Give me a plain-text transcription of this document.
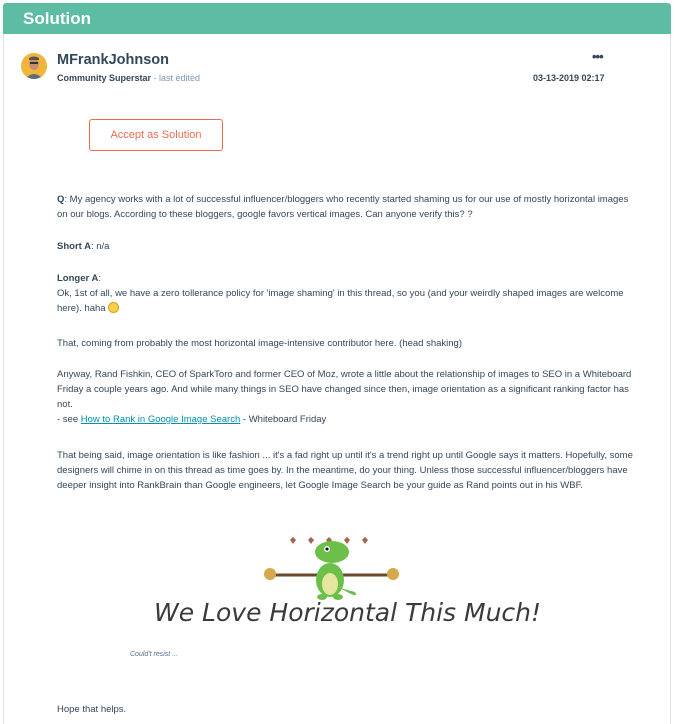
Solution
MFrankJohnson
Community Superstar - last edited
•••
03-13-2019 02:17
Accept as Solution
Q: My agency works with a lot of successful influencer/bloggers who recently started shaming us for our use of mostly horizontal images on our blogs. According to these bloggers, google favors vertical images. Can anyone verify this? ?
Short A: n/a
Longer A:
Ok, 1st of all, we have a zero tollerance policy for 'image shaming' in this thread, so you (and your weirdly shaped images are welcome here). haha
That, coming from probably the most horizontal image-intensive contributor here. (head shaking)
Anyway, Rand Fishkin, CEO of SparkToro and former CEO of Moz, wrote a little about the relationship of images to SEO in a Whiteboard Friday a couple years ago. And while many things in SEO have changed since then, image orientation as a significant ranking factor has not.
- see How to Rank in Google Image Search - Whiteboard Friday
That being said, image orientation is like fashion ... it's a fad right up until it's a trend right up until Google says it matters. Hopefully, some designers will chime in on this thread as time goes by. In the meantime, do your thing. Unless those successful influencer/bloggers have deeper insight into RankBrain than Google engineers, let Google Image Search be your guide as Rand points out in his WBF.
We Love Horizontal This Much!
Could't resist ...
Hope that helps.
